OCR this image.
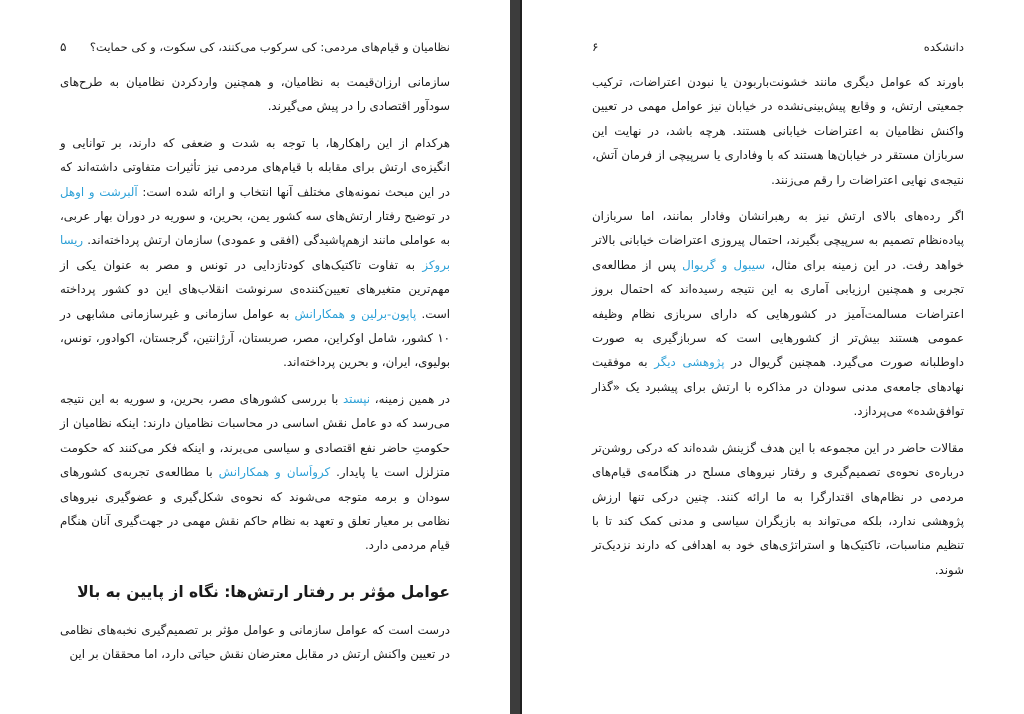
نظامیان و قیام‌های مردمی: کی سرکوب می‌کنند، کی سکوت، و کی حمایت؟
۵

سازمانی ارزان‌قیمت به نظامیان، و همچنین واردکردن نظامیان به طرح‌های سودآور اقتصادی را در پیش می‌گیرند.

هرکدام از این راهکارها، با توجه به شدت و ضعفی که دارند، بر توانایی و انگیزه‌ی ارتش برای مقابله با قیام‌های مردمی نیز تأثیرات متفاوتی داشته‌اند که در این مبحث نمونه‌های مختلف آنها انتخاب و ارائه شده است: آلبرشت و اوهل در توضیح رفتار ارتش‌های سه کشور یمن، بحرین، و سوریه در دوران بهار عربی، به عواملی مانند ازهم‌پاشیدگی (افقی و عمودی) سازمان ارتش پرداخته‌اند. ریسا بروکز به تفاوت تاکتیک‌های کودتازدایی در تونس و مصر به عنوان یکی از مهم‌ترین متغیرهای تعیین‌کننده‌ی سرنوشت انقلاب‌های این دو کشور پرداخته است. پاپون-برلین و همکارانش به عوامل سازمانی و غیرسازمانی مشابهی در ۱۰ کشور، شامل اوکراین، مصر، صربستان، آرژانتین، گرجستان، اکوادور، تونس، بولیوی، ایران، و بحرین پرداخته‌اند.

در همین زمینه، نپستد با بررسی کشورهای مصر، بحرین، و سوریه به این نتیجه می‌رسد که دو عامل نقش اساسی در محاسبات نظامیان دارند: اینکه نظامیان از حکومتِ حاضر نفع اقتصادی و سیاسی می‌برند، و اینکه فکر می‌کنند که حکومت متزلزل است یا پایدار. کرواَسان و همکارانش با مطالعه‌ی تجربه‌ی کشورهای سودان و برمه متوجه می‌شوند که نحوه‌ی شکل‌گیری و عضوگیری نیروهای نظامی بر معیار تعلق و تعهد به نظام حاکم نقش مهمی در جهت‌گیری آنان هنگام قیام مردمی دارد.

عوامل مؤثر بر رفتار ارتش‌ها: نگاه از پایین به بالا

درست است که عوامل سازمانی و عوامل مؤثر بر تصمیم‌گیری نخبه‌های نظامی در تعیین واکنش ارتش در مقابل معترضان نقش حیاتی دارد، اما محققان بر این

دانشکده
۶

باورند که عوامل دیگری مانند خشونت‌بار‌بودن یا نبودن اعتراضات، ترکیب جمعیتی ارتش، و وقایع پیش‌بینی‌نشده در خیابان نیز عوامل مهمی در تعیین واکنش نظامیان به اعتراضات خیابانی هستند. هرچه باشد، در نهایت این سربازان مستقر در خیابان‌ها هستند که با وفاداری یا سرپیچی از فرمان آتش، نتیجه‌ی نهایی اعتراضات را رقم می‌زنند.

اگر رده‌های بالای ارتش نیز به رهبرانشان وفادار بمانند، اما سربازان پیاده‌نظام تصمیم به سرپیچی بگیرند، احتمال پیروزی اعتراضات خیابانی بالاتر خواهد رفت. در این زمینه برای مثال، سیبول و گریوال پس از مطالعه‌ی تجربی و همچنین ارزیابی آماری به این نتیجه رسیده‌اند که احتمال بروز اعتراضات مسالمت‌آمیز در کشورهایی که دارای سربازی نظام وظیفه عمومی هستند بیش‌تر از کشورهایی است که سربازگیری به صورت داوطلبانه صورت می‌گیرد. همچنین گریوال در پژوهشی دیگر به موفقیت نهادهای جامعه‌ی مدنی سودان در مذاکره با ارتش برای پیشبرد یک «گذار توافق‌شده» می‌پردازد.

مقالات حاضر در این مجموعه با این هدف گزینش شده‌اند که درکی روشن‌تر درباره‌ی نحوه‌ی تصمیم‌گیری و رفتار نیروهای مسلح در هنگامه‌ی قیام‌های مردمی در نظام‌های اقتدارگرا به ما ارائه کنند. چنین درکی تنها ارزش پژوهشی ندارد، بلکه می‌تواند به بازیگران سیاسی و مدنی کمک کند تا با تنظیم مناسبات، تاکتیک‌ها و استراتژی‌های خود به اهدافی که دارند نزدیک‌تر شوند.
